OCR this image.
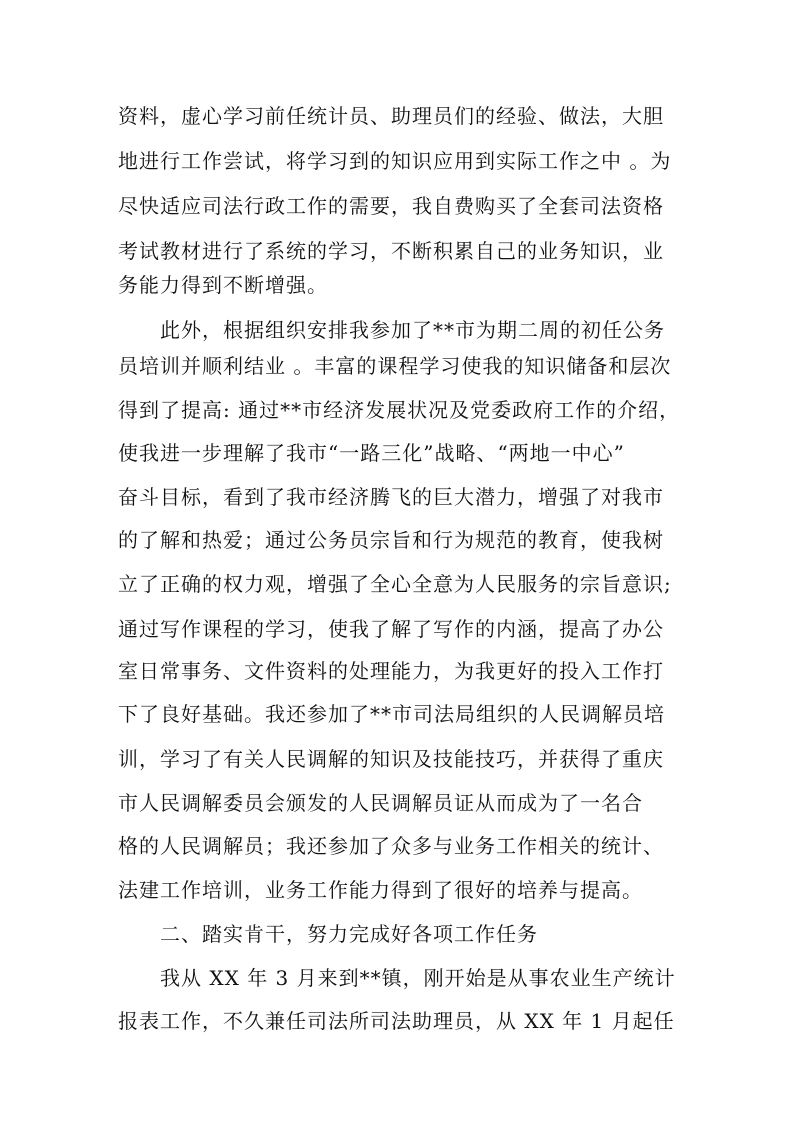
资料，虚心学习前任统计员、助理员们的经验、做法，大胆
地进行工作尝试，将学习到的知识应用到实际工作之中 。为
尽快适应司法行政工作的需要，我自费购买了全套司法资格
考试教材进行了系统的学习，不断积累自己的业务知识，业
务能力得到不断增强。
此外，根据组织安排我参加了**市为期二周的初任公务
员培训并顺利结业 。丰富的课程学习使我的知识储备和层次
得到了提高: 通过**市经济发展状况及党委政府工作的介绍，
使我进一步理解了我市“一路三化”战略、“两地一中心”
奋斗目标，看到了我市经济腾飞的巨大潜力，增强了对我市
的了解和热爱；通过公务员宗旨和行为规范的教育，使我树
立了正确的权力观，增强了全心全意为人民服务的宗旨意识;
通过写作课程的学习，使我了解了写作的内涵，提高了办公
室日常事务、文件资料的处理能力，为我更好的投入工作打
下了良好基础。我还参加了**市司法局组织的人民调解员培
训，学习了有关人民调解的知识及技能技巧，并获得了重庆
市人民调解委员会颁发的人民调解员证从而成为了一名合
格的人民调解员；我还参加了众多与业务工作相关的统计、
法建工作培训，业务工作能力得到了很好的培养与提高。
二、踏实肯干，努力完成好各项工作任务
我从 XX 年 3 月来到**镇，刚开始是从事农业生产统计
报表工作，不久兼任司法所司法助理员，从 XX 年 1 月起任
